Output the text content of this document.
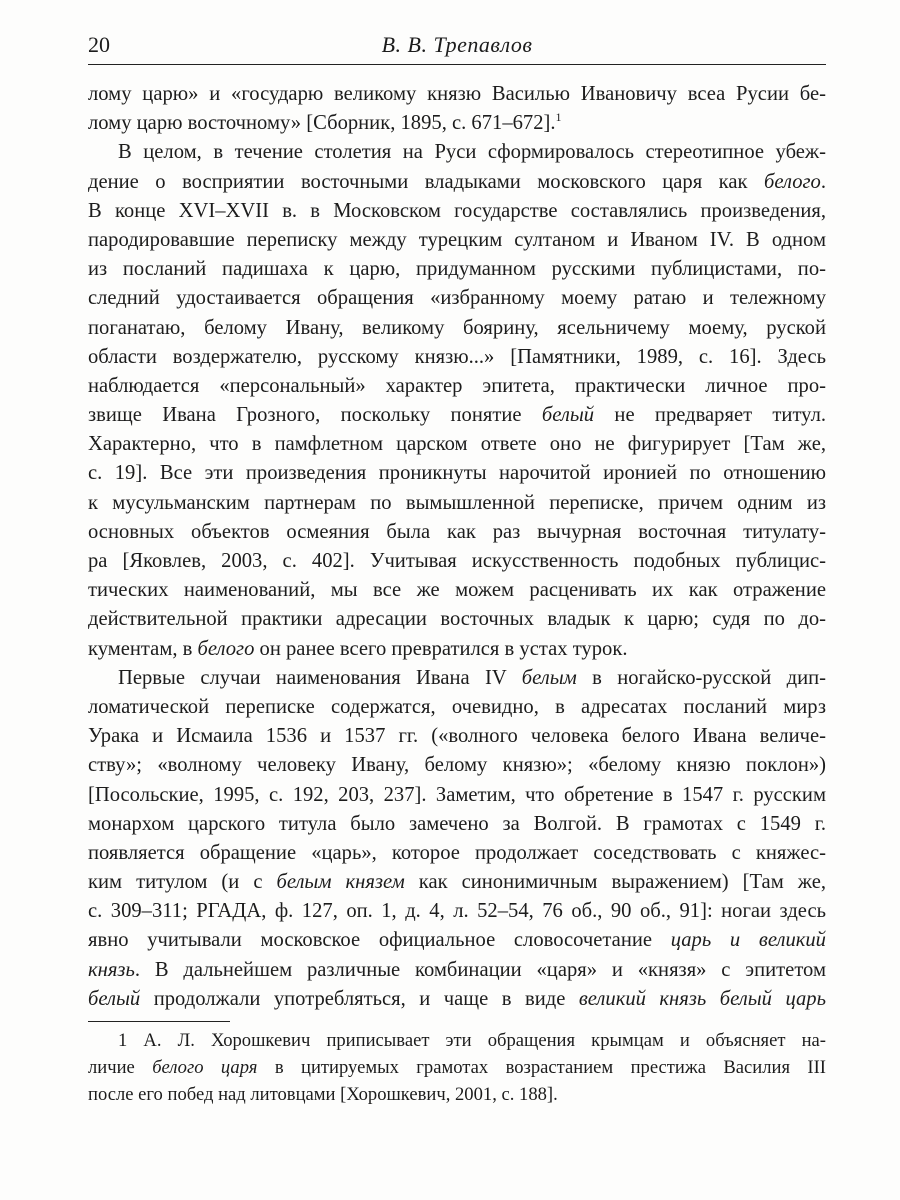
20	В. В. Трепавлов
лому царю» и «государю великому князю Василью Ивановичу всеа Русии бе-
лому царю восточному» [Сборник, 1895, с. 671–672].$^1$
В целом, в течение столетия на Руси сформировалось стереотипное убеж-
дение о восприятии восточными владыками московского царя как белого.
В конце XVI–XVII в. в Московском государстве составлялись произведения,
пародировавшие переписку между турецким султаном и Иваном IV. В одном
из посланий падишаха к царю, придуманном русскими публицистами, по-
следний удостаивается обращения «избранному моему ратаю и тележному
поганатаю, белому Ивану, великому боярину, ясельничему моему, руской
области воздержателю, русскому князю...» [Памятники, 1989, с. 16]. Здесь
наблюдается «персональный» характер эпитета, практически личное про-
звище Ивана Грозного, поскольку понятие белый не предваряет титул.
Характерно, что в памфлетном царском ответе оно не фигурирует [Там же,
с. 19]. Все эти произведения проникнуты нарочитой иронией по отношению
к мусульманским партнерам по вымышленной переписке, причем одним из
основных объектов осмеяния была как раз вычурная восточная титулату-
ра [Яковлев, 2003, с. 402]. Учитывая искусственность подобных публицис-
тических наименований, мы все же можем расценивать их как отражение
действительной практики адресации восточных владык к царю; судя по до-
кументам, в белого он ранее всего превратился в устах турок.
Первые случаи наименования Ивана IV белым в ногайско-русской дип-
ломатической переписке содержатся, очевидно, в адресатах посланий мирз
Урака и Исмаила 1536 и 1537 гг. («волного человека белого Ивана величе-
ству»; «волному человеку Ивану, белому князю»; «белому князю поклон»)
[Посольские, 1995, с. 192, 203, 237]. Заметим, что обретение в 1547 г. русским
монархом царского титула было замечено за Волгой. В грамотах с 1549 г.
появляется обращение «царь», которое продолжает соседствовать с княжес-
ким титулом (и с белым князем как синонимичным выражением) [Там же,
с. 309–311; РГАДА, ф. 127, оп. 1, д. 4, л. 52–54, 76 об., 90 об., 91]: ногаи здесь
явно учитывали московское официальное словосочетание царь и великий
князь. В дальнейшем различные комбинации «царя» и «князя» с эпитетом
белый продолжали употребляться, и чаще в виде великий князь белый царь
1 А. Л. Хорошкевич приписывает эти обращения крымцам и объясняет на-
личие белого царя в цитируемых грамотах возрастанием престижа Василия III
после его побед над литовцами [Хорошкевич, 2001, с. 188].
